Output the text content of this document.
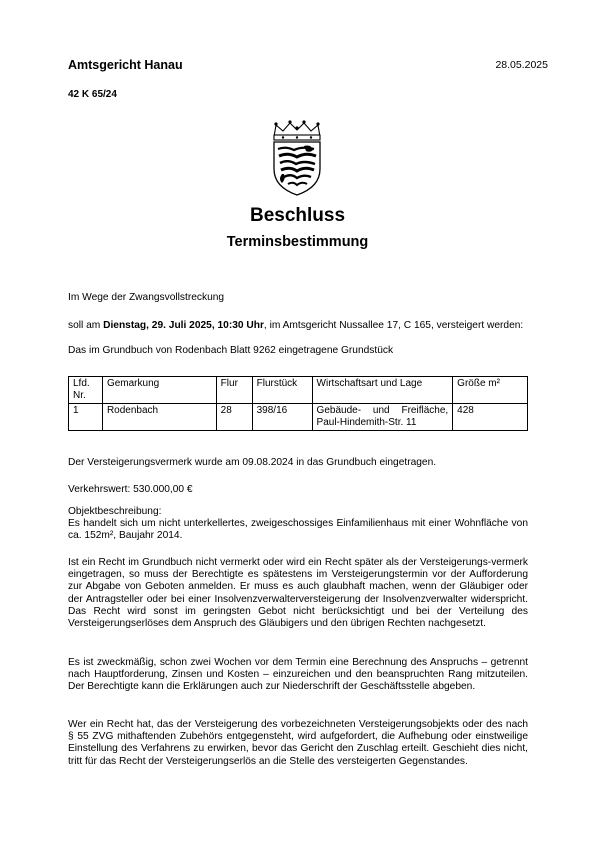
Amtsgericht Hanau	28.05.2025
42 K 65/24
Beschluss
Terminsbestimmung
Im Wege der Zwangsvollstreckung
soll am Dienstag, 29. Juli 2025, 10:30 Uhr, im Amtsgericht Nussallee 17, C 165, versteigert werden:
Das im Grundbuch von Rodenbach Blatt 9262 eingetragene Grundstück
Lfd. Nr.	Gemarkung	Flur	Flurstück	Wirtschaftsart und Lage	Größe m²
1	Rodenbach	28	398/16	Gebäude- und Freifläche, Paul-Hindemith-Str. 11	428
Der Versteigerungsvermerk wurde am 09.08.2024 in das Grundbuch eingetragen.
Verkehrswert: 530.000,00 €

Objektbeschreibung:

Es handelt sich um nicht unterkellertes, zweigeschossiges Einfamilienhaus mit einer Wohnfläche von ca. 152m², Baujahr 2014.

Ist ein Recht im Grundbuch nicht vermerkt oder wird ein Recht später als der Versteigerungs-vermerk eingetragen, so muss der Berechtigte es spätestens im Versteigerungstermin vor der Aufforderung zur Abgabe von Geboten anmelden. Er muss es auch glaubhaft machen, wenn der Gläubiger oder der Antragsteller oder bei einer Insolvenzverwalterversteigerung der Insolvenzverwalter widerspricht. Das Recht wird sonst im geringsten Gebot nicht berücksichtigt und bei der Verteilung des Versteigerungserlöses dem Anspruch des Gläubigers und den übrigen Rechten nachgesetzt.
Es ist zweckmäßig, schon zwei Wochen vor dem Termin eine Berechnung des Anspruchs – getrennt nach Hauptforderung, Zinsen und Kosten – einzureichen und den beanspruchten Rang mitzuteilen. Der Berechtigte kann die Erklärungen auch zur Niederschrift der Geschäftsstelle abgeben.
Wer ein Recht hat, das der Versteigerung des vorbezeichneten Versteigerungsobjekts oder des nach § 55 ZVG mithaftenden Zubehörs entgegensteht, wird aufgefordert, die Aufhebung oder einstweilige Einstellung des Verfahrens zu erwirken, bevor das Gericht den Zuschlag erteilt. Geschieht dies nicht, tritt für das Recht der Versteigerungserlös an die Stelle des versteigerten Gegenstandes.
